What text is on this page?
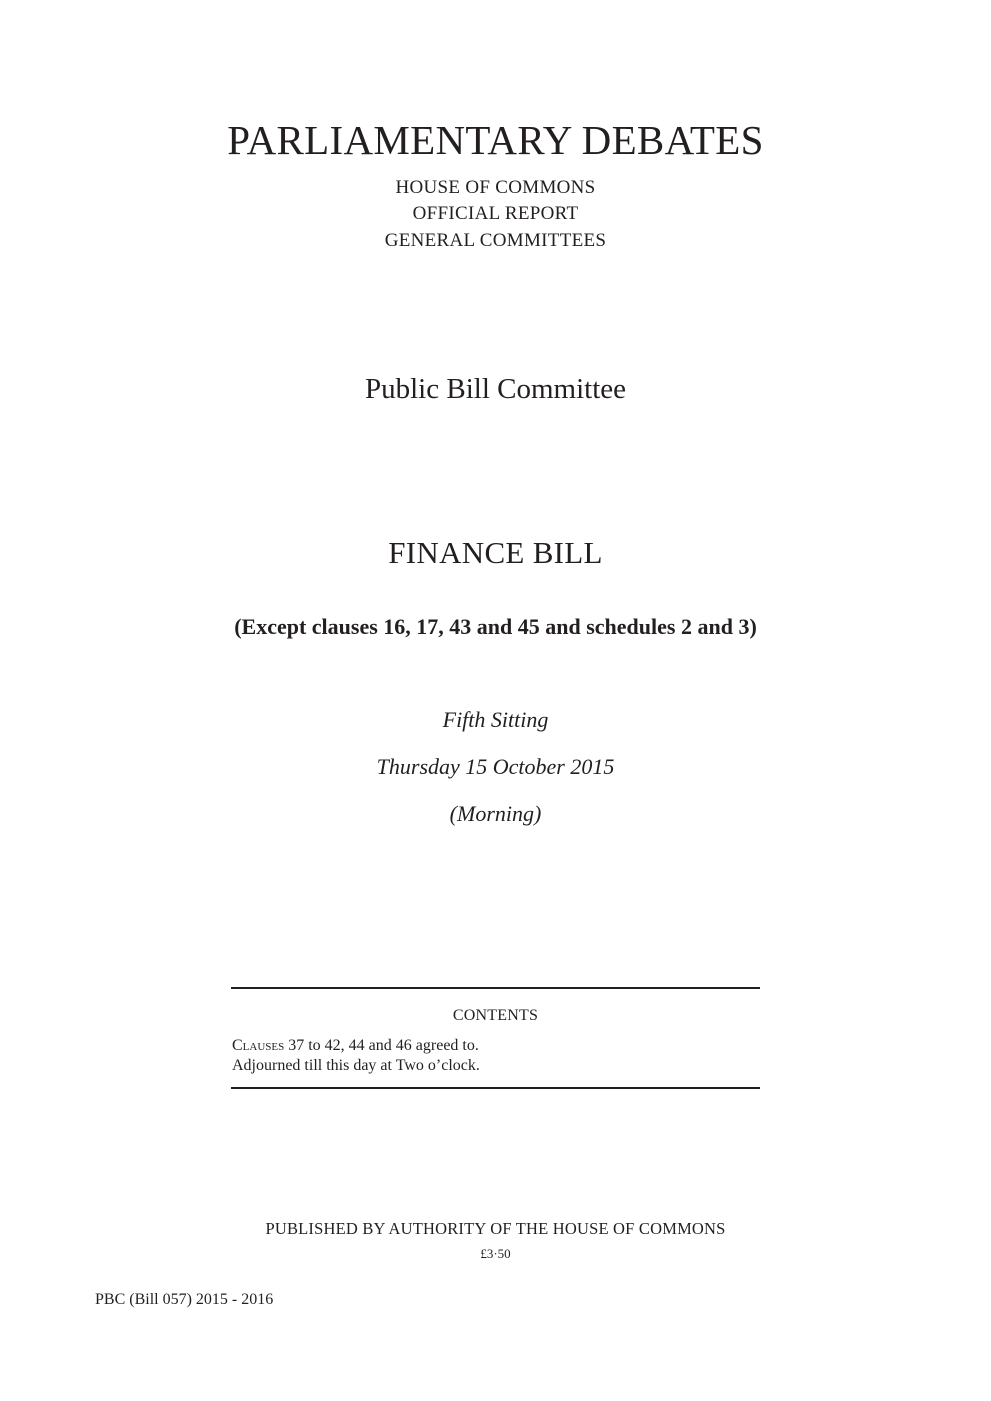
PARLIAMENTARY DEBATES
HOUSE OF COMMONS
OFFICIAL REPORT
GENERAL COMMITTEES
Public Bill Committee
FINANCE BILL
(Except clauses 16, 17, 43 and 45 and schedules 2 and 3)
Fifth Sitting
Thursday 15 October 2015
(Morning)
CONTENTS
Clauses 37 to 42, 44 and 46 agreed to.
Adjourned till this day at Two o’clock.
PUBLISHED BY AUTHORITY OF THE HOUSE OF COMMONS
£3·50
PBC (Bill 057) 2015 - 2016
